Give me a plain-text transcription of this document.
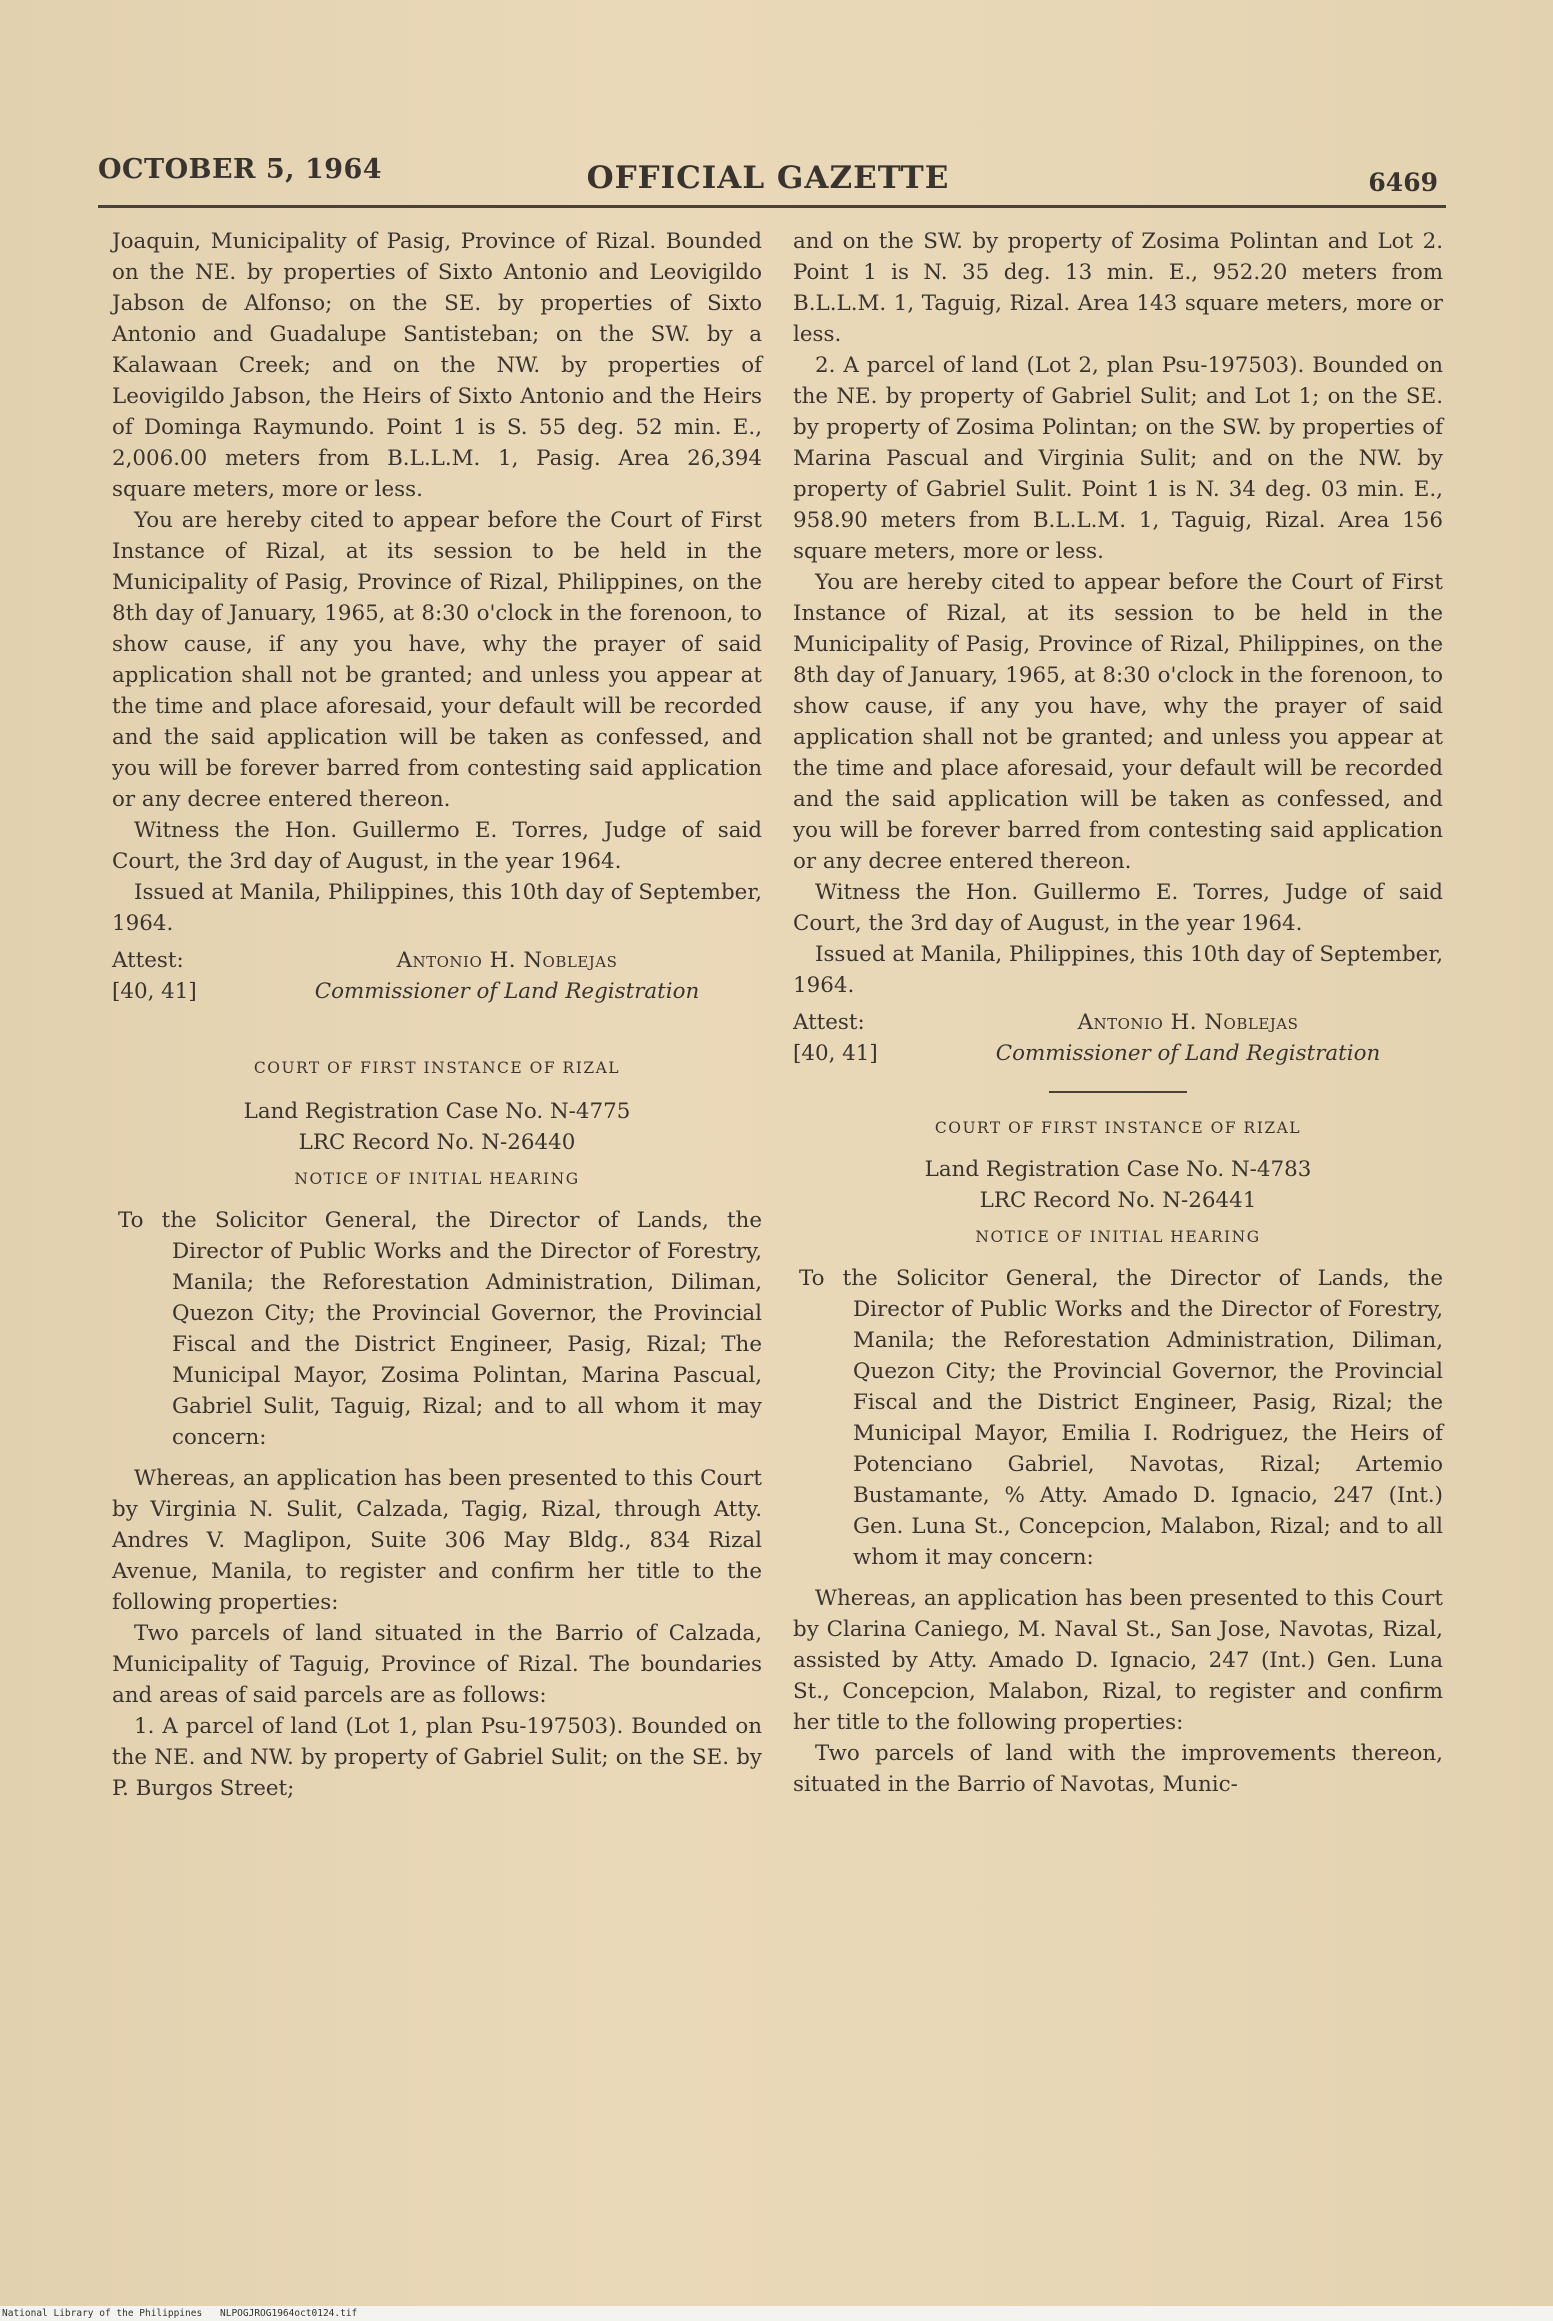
OCTOBER 5, 1964	OFFICIAL GAZETTE	6469

Joaquin, Municipality of Pasig, Province of Rizal. Bounded on the NE. by properties of Sixto Antonio and Leovigildo Jabson de Alfonso; on the SE. by properties of Sixto Antonio and Guadalupe Santisteban; on the SW. by a Kalawaan Creek; and on the NW. by properties of Leovigildo Jabson, the Heirs of Sixto Antonio and the Heirs of Dominga Raymundo. Point 1 is S. 55 deg. 52 min. E., 2,006.00 meters from B.L.L.M. 1, Pasig. Area 26,394 square meters, more or less.

You are hereby cited to appear before the Court of First Instance of Rizal, at its session to be held in the Municipality of Pasig, Province of Rizal, Philippines, on the 8th day of January, 1965, at 8:30 o'clock in the forenoon, to show cause, if any you have, why the prayer of said application shall not be granted; and unless you appear at the time and place aforesaid, your default will be recorded and the said application will be taken as confessed, and you will be forever barred from contesting said application or any decree entered thereon.

Witness the Hon. Guillermo E. Torres, Judge of said Court, the 3rd day of August, in the year 1964.

Issued at Manila, Philippines, this 10th day of September, 1964.

Attest:	Antonio H. Noblejas
[40, 41]	Commissioner of Land Registration
COURT OF FIRST INSTANCE OF RIZAL
Land Registration Case No. N-4775
LRC Record No. N-26440
NOTICE OF INITIAL HEARING
To the Solicitor General, the Director of Lands, the Director of Public Works and the Director of Forestry, Manila; the Reforestation Administration, Diliman, Quezon City; the Provincial Governor, the Provincial Fiscal and the District Engineer, Pasig, Rizal; The Municipal Mayor, Zosima Polintan, Marina Pascual, Gabriel Sulit, Taguig, Rizal; and to all whom it may concern:

Whereas, an application has been presented to this Court by Virginia N. Sulit, Calzada, Tagig, Rizal, through Atty. Andres V. Maglipon, Suite 306 May Bldg., 834 Rizal Avenue, Manila, to register and confirm her title to the following properties:

Two parcels of land situated in the Barrio of Calzada, Municipality of Taguig, Province of Rizal. The boundaries and areas of said parcels are as follows:

1. A parcel of land (Lot 1, plan Psu-197503). Bounded on the NE. and NW. by property of Gabriel Sulit; on the SE. by P. Burgos Street;

and on the SW. by property of Zosima Polintan and Lot 2. Point 1 is N. 35 deg. 13 min. E., 952.20 meters from B.L.L.M. 1, Taguig, Rizal. Area 143 square meters, more or less.

2. A parcel of land (Lot 2, plan Psu-197503). Bounded on the NE. by property of Gabriel Sulit; and Lot 1; on the SE. by property of Zosima Polintan; on the SW. by properties of Marina Pascual and Virginia Sulit; and on the NW. by property of Gabriel Sulit. Point 1 is N. 34 deg. 03 min. E., 958.90 meters from B.L.L.M. 1, Taguig, Rizal. Area 156 square meters, more or less.

You are hereby cited to appear before the Court of First Instance of Rizal, at its session to be held in the Municipality of Pasig, Province of Rizal, Philippines, on the 8th day of January, 1965, at 8:30 o'clock in the forenoon, to show cause, if any you have, why the prayer of said application shall not be granted; and unless you appear at the time and place aforesaid, your default will be recorded and the said application will be taken as confessed, and you will be forever barred from contesting said application or any decree entered thereon.

Witness the Hon. Guillermo E. Torres, Judge of said Court, the 3rd day of August, in the year 1964.

Issued at Manila, Philippines, this 10th day of September, 1964.

Attest:	Antonio H. Noblejas
[40, 41]	Commissioner of Land Registration
COURT OF FIRST INSTANCE OF RIZAL
Land Registration Case No. N-4783
LRC Record No. N-26441
NOTICE OF INITIAL HEARING
To the Solicitor General, the Director of Lands, the Director of Public Works and the Director of Forestry, Manila; the Reforestation Administration, Diliman, Quezon City; the Provincial Governor, the Provincial Fiscal and the District Engineer, Pasig, Rizal; the Municipal Mayor, Emilia I. Rodriguez, the Heirs of Potenciano Gabriel, Navotas, Rizal; Artemio Bustamante, % Atty. Amado D. Ignacio, 247 (Int.) Gen. Luna St., Concepcion, Malabon, Rizal; and to all whom it may concern:

Whereas, an application has been presented to this Court by Clarina Caniego, M. Naval St., San Jose, Navotas, Rizal, assisted by Atty. Amado D. Ignacio, 247 (Int.) Gen. Luna St., Concepcion, Malabon, Rizal, to register and confirm her title to the following properties:

Two parcels of land with the improvements thereon, situated in the Barrio of Navotas, Munic-

National Library of the Philippines NLPOGJROG1964oct0124.tif
